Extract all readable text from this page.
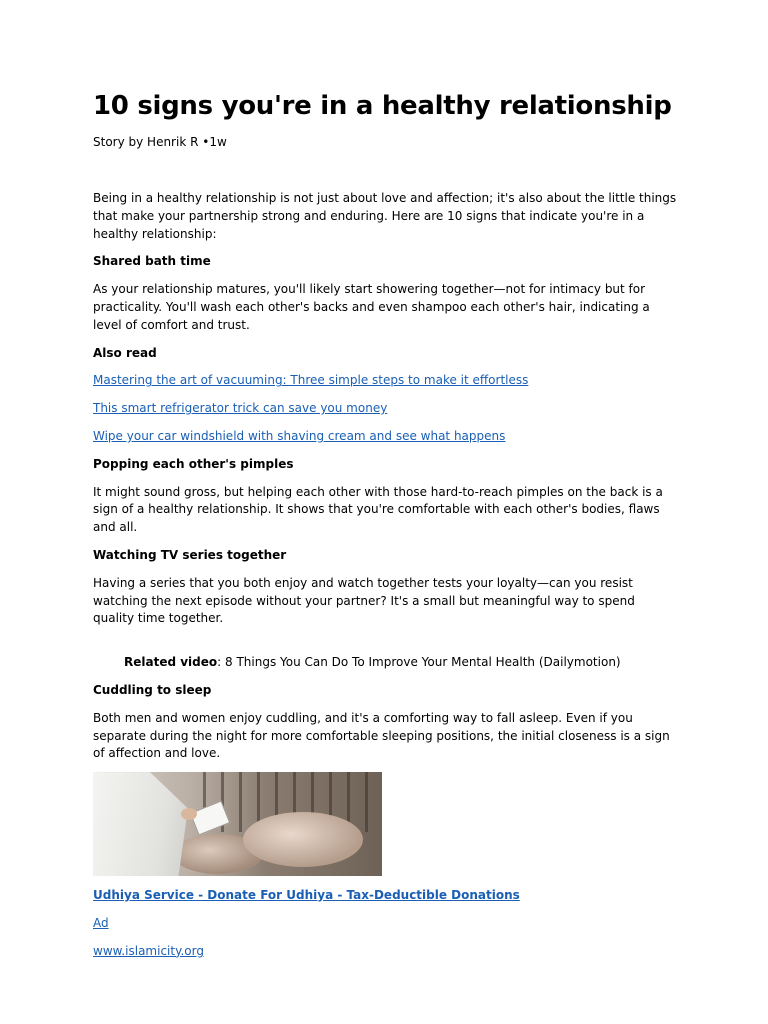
10 signs you're in a healthy relationship

Story by Henrik R •1w

Being in a healthy relationship is not just about love and affection; it's also about the little things that make your partnership strong and enduring. Here are 10 signs that indicate you're in a healthy relationship:

Shared bath time

As your relationship matures, you'll likely start showering together—not for intimacy but for practicality. You'll wash each other's backs and even shampoo each other's hair, indicating a level of comfort and trust.

Also read

Mastering the art of vacuuming: Three simple steps to make it effortless
This smart refrigerator trick can save you money
Wipe your car windshield with shaving cream and see what happens

Popping each other's pimples

It might sound gross, but helping each other with those hard-to-reach pimples on the back is a sign of a healthy relationship. It shows that you're comfortable with each other's bodies, flaws and all.

Watching TV series together

Having a series that you both enjoy and watch together tests your loyalty—can you resist watching the next episode without your partner? It's a small but meaningful way to spend quality time together.

Related video: 8 Things You Can Do To Improve Your Mental Health (Dailymotion)

Cuddling to sleep

Both men and women enjoy cuddling, and it's a comforting way to fall asleep. Even if you separate during the night for more comfortable sleeping positions, the initial closeness is a sign of affection and love.

Udhiya Service - Donate For Udhiya - Tax-Deductible Donations
Ad
www.islamicity.org
